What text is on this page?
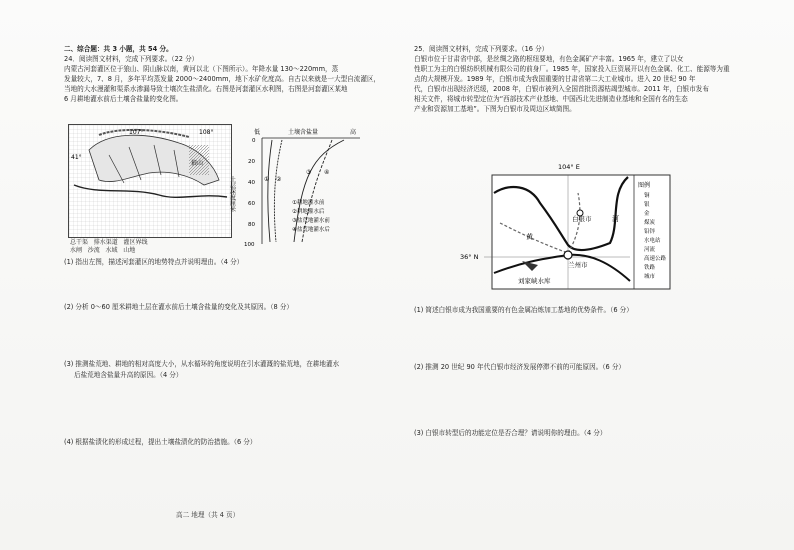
二、综合题：共 3 小题，共 54 分。
24．阅读图文材料，完成下列要求。（22 分）
内蒙古河套灌区位于狼山、阴山脉以南，黄河以北（下图所示）。年降水量 130～220mm，蒸
发量较大，7、8 月，多年平均蒸发量 2000～2400mm，地下水矿化度高。自古以来就是一大型自流灌区，
当地的大水漫灌和渠系水渗漏导致土壤次生盐渍化。右图是河套灌区水利图，右图是河套灌区某地
6 月耕地灌水前后土壤含盐量的变化图。
107°	108°
41°
狼山
总干渠 排水渠道 灌区界线
水闸 沙流 水域 山地
低	土壤含盐量	高
土层深度厘米
0
20
40
60
80
100
① ②
③ ④
①耕地灌水前
②耕地灌水后
③盐荒地灌水前
④盐荒地灌水后
(1) 指出左图，描述河套灌区的地势特点并说明理由。（4 分）
(2) 分析 0～60 厘米耕地土层在灌水前后土壤含盐量的变化及其原因。（8 分）
(3) 推测盐荒地、耕地的相对高度大小，从水循环的角度说明在引水灌溉的盐荒地，在耕地灌水
后盐荒地含盐量升高的原因。（4 分）
(4) 根据盐渍化的形成过程，提出土壤盐渍化的防治措施。（6 分）
25．阅读图文材料，完成下列要求。（16 分）
白银市位于甘肃省中部，是丝绸之路的枢纽要地，有色金属矿产丰富。1965 年，建立了以女
性职工为主的白银纺织机械有限公司的前身厂。1985 年，国家投入巨资展开以有色金属、化工、能源等为重
点的大规模开发。1989 年，白银市成为我国重要的甘肃省第二大工业城市。进入 20 世纪 90 年
代，白银市出现经济迟缓，2008 年，白银市被列入全国首批资源枯竭型城市。2011 年，白银市发布
相关文件，将城市转型定位为“西部技术产业基地、中国西北先进制造业基地和全国有名的生态
产业和资源加工基地”。下图为白银市及周边区域简图。
104° E
36° N
白银市
兰州市
黄
河
刘家峡水库
图例
铜
银
金
煤炭
铅锌
水电站
河流
高速公路
铁路
城市
(1) 简述白银市成为我国重要的有色金属冶炼加工基地的优势条件。（6 分）
(2) 推测 20 世纪 90 年代白银市经济发展停滞不前的可能原因。（6 分）
(3) 白银市转型后的功能定位是否合理？请说明你的理由。（4 分）
高二 地理（共 4 页）
